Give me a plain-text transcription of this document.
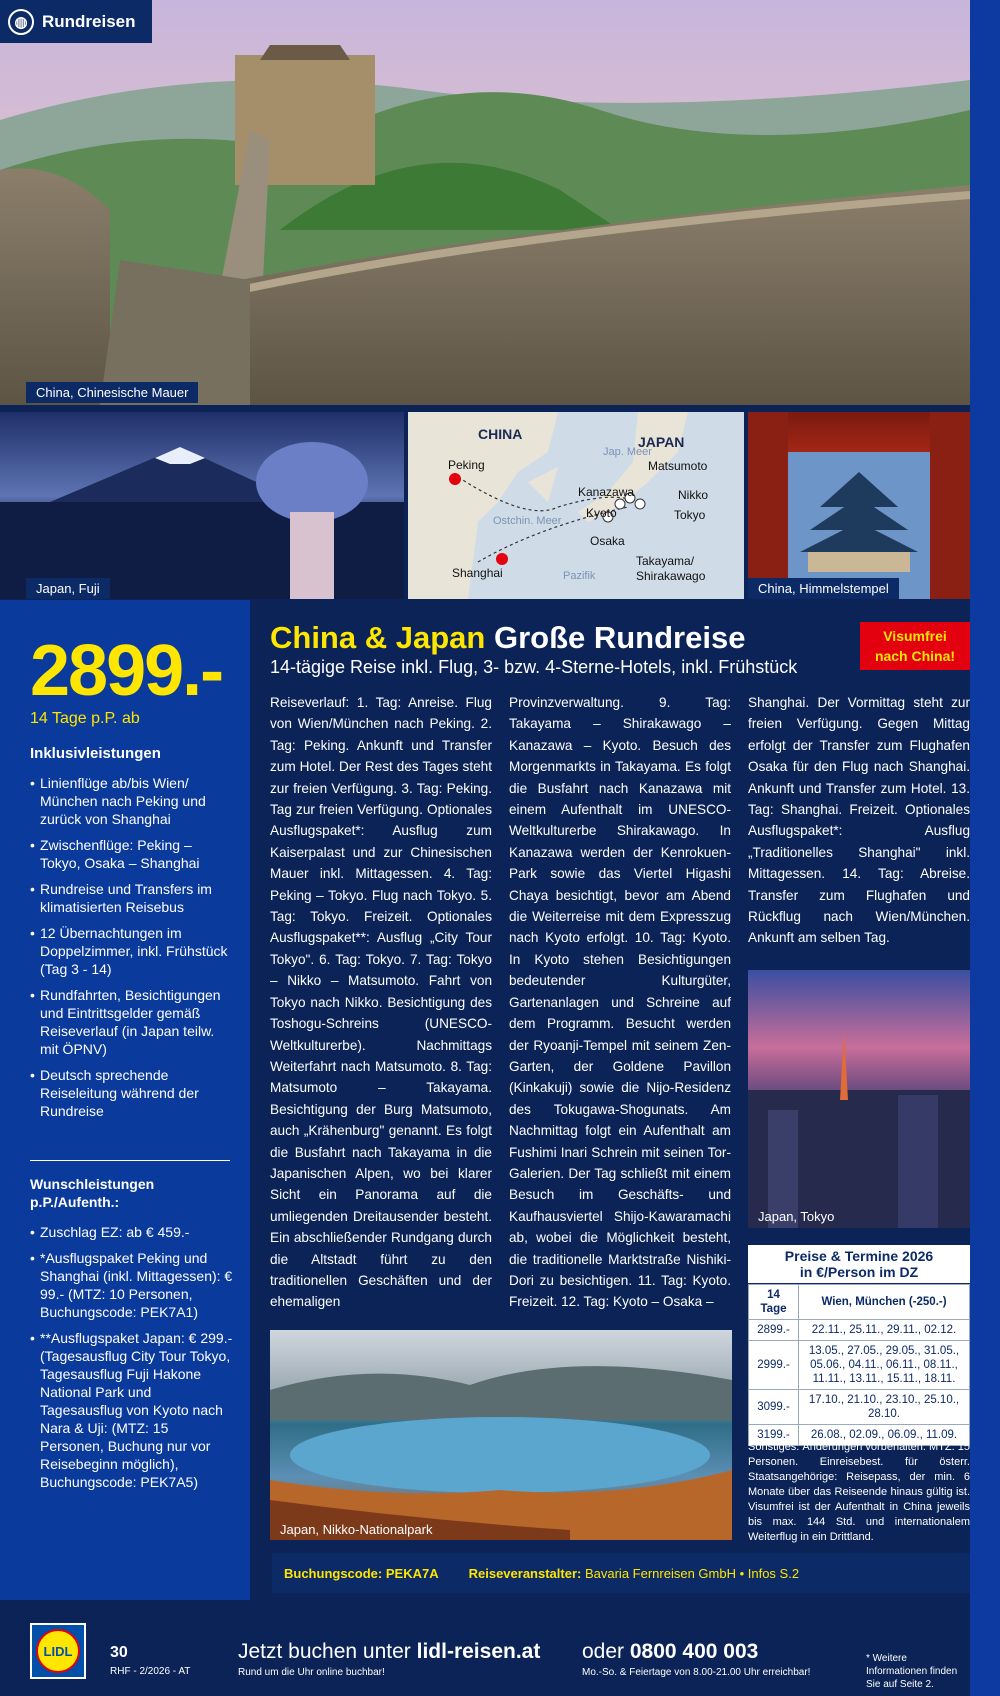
◍ Rundreisen
China, Chinesische Mauer
Japan, Fuji
CHINA	JAPAN
Jap. Meer
Ostchin. Meer
Pazifik
Peking
Shanghai
Matsumoto
Kanazawa
Kyoto
Nikko
Tokyo
Osaka
Takayama/ Shirakawago
China, Himmelstempel
2899.-
14 Tage p.P. ab
Inklusivleistungen
• Linienflüge ab/bis Wien/ München nach Peking und zurück von Shanghai
• Zwischenflüge: Peking – Tokyo, Osaka – Shanghai
• Rundreise und Transfers im klimatisierten Reisebus
• 12 Übernachtungen im Doppelzimmer, inkl. Frühstück (Tag 3 - 14)
• Rundfahrten, Besichtigungen und Eintrittsgelder gemäß Reiseverlauf (in Japan teilw. mit ÖPNV)
• Deutsch sprechende Reiseleitung während der Rundreise
Wunschleistungen p.P./Aufenth.:
• Zuschlag EZ: ab € 459.-
• *Ausflugspaket Peking und Shanghai (inkl. Mittagessen): € 99.- (MTZ: 10 Personen, Buchungscode: PEK7A1)
• **Ausflugspaket Japan: € 299.- (Tagesausflug City Tour Tokyo, Tagesausflug Fuji Hakone National Park und Tagesausflug von Kyoto nach Nara & Uji: (MTZ: 15 Personen, Buchung nur vor Reisebeginn möglich), Buchungscode: PEK7A5)
China & Japan Große Rundreise
14-tägige Reise inkl. Flug, 3- bzw. 4-Sterne-Hotels, inkl. Frühstück
Visumfrei
nach China!
Reiseverlauf: 1. Tag: Anreise. Flug von Wien/München nach Peking. 2. Tag: Peking. Ankunft und Transfer zum Hotel. Der Rest des Tages steht zur freien Verfügung. 3. Tag: Peking. Tag zur freien Verfügung. Optionales Ausflugspaket*: Ausflug zum Kaiserpalast und zur Chinesischen Mauer inkl. Mittagessen. 4. Tag: Peking – Tokyo. Flug nach Tokyo. 5. Tag: Tokyo. Freizeit. Optionales Ausflugspaket**: Ausflug „City Tour Tokyo". 6. Tag: Tokyo. 7. Tag: Tokyo – Nikko – Matsumoto. Fahrt von Tokyo nach Nikko. Besichtigung des Toshogu-Schreins (UNESCO-Weltkulturerbe). Nachmittags Weiterfahrt nach Matsumoto. 8. Tag: Matsumoto – Takayama. Besichtigung der Burg Matsumoto, auch „Krähenburg" genannt. Es folgt die Busfahrt nach Takayama in die Japanischen Alpen, wo bei klarer Sicht ein Panorama auf die umliegenden Dreitausender besteht. Ein abschließender Rundgang durch die Altstadt führt zu den traditionellen Geschäften und der ehemaligen
Provinzverwaltung. 9. Tag: Takayama – Shirakawago – Kanazawa – Kyoto. Besuch des Morgenmarkts in Takayama. Es folgt die Busfahrt nach Kanazawa mit einem Aufenthalt im UNESCO-Weltkulturerbe Shirakawago. In Kanazawa werden der Kenrokuen-Park sowie das Viertel Higashi Chaya besichtigt, bevor am Abend die Weiterreise mit dem Expresszug nach Kyoto erfolgt. 10. Tag: Kyoto. In Kyoto stehen Besichtigungen bedeutender Kulturgüter, Gartenanlagen und Schreine auf dem Programm. Besucht werden der Ryoanji-Tempel mit seinem Zen-Garten, der Goldene Pavillon (Kinkakuji) sowie die Nijo-Residenz des Tokugawa-Shogunats. Am Nachmittag folgt ein Aufenthalt am Fushimi Inari Schrein mit seinen Tor-Galerien. Der Tag schließt mit einem Besuch im Geschäfts- und Kaufhausviertel Shijo-Kawaramachi ab, wobei die Möglichkeit besteht, die traditionelle Marktstraße Nishiki-Dori zu besichtigen. 11. Tag: Kyoto. Freizeit. 12. Tag: Kyoto – Osaka –
Shanghai. Der Vormittag steht zur freien Verfügung. Gegen Mittag erfolgt der Transfer zum Flughafen Osaka für den Flug nach Shanghai. Ankunft und Transfer zum Hotel. 13. Tag: Shanghai. Freizeit. Optionales Ausflugspaket*: Ausflug „Traditionelles Shanghai" inkl. Mittagessen. 14. Tag: Abreise. Transfer zum Flughafen und Rückflug nach Wien/München. Ankunft am selben Tag.
Japan, Tokyo
Preise & Termine 2026
in €/Person im DZ
14 Tage	Wien, München (-250.-)
2899.-	22.11., 25.11., 29.11., 02.12.
2999.-	13.05., 27.05., 29.05., 31.05., 05.06., 04.11., 06.11., 08.11., 11.11., 13.11., 15.11., 18.11.
3099.-	17.10., 21.10., 23.10., 25.10., 28.10.
3199.-	26.08., 02.09., 06.09., 11.09.
Sonstiges: Änderungen vorbehalten. MTZ: 15 Personen. Einreisebest. für österr. Staatsangehörige: Reisepass, der min. 6 Monate über das Reiseende hinaus gültig ist. Visumfrei ist der Aufenthalt in China jeweils bis max. 144 Std. und internationalem Weiterflug in ein Drittland.
Japan, Nikko-Nationalpark
Buchungscode: PEKA7A Reiseveranstalter: Bavaria Fernreisen GmbH • Infos S.2
LIDL	30
RHF - 2/2026 - AT
Jetzt buchen unter lidl-reisen.at
Rund um die Uhr online buchbar!
oder 0800 400 003
Mo.-So. & Feiertage von 8.00-21.00 Uhr erreichbar!
* Weitere Informationen finden Sie auf Seite 2.
